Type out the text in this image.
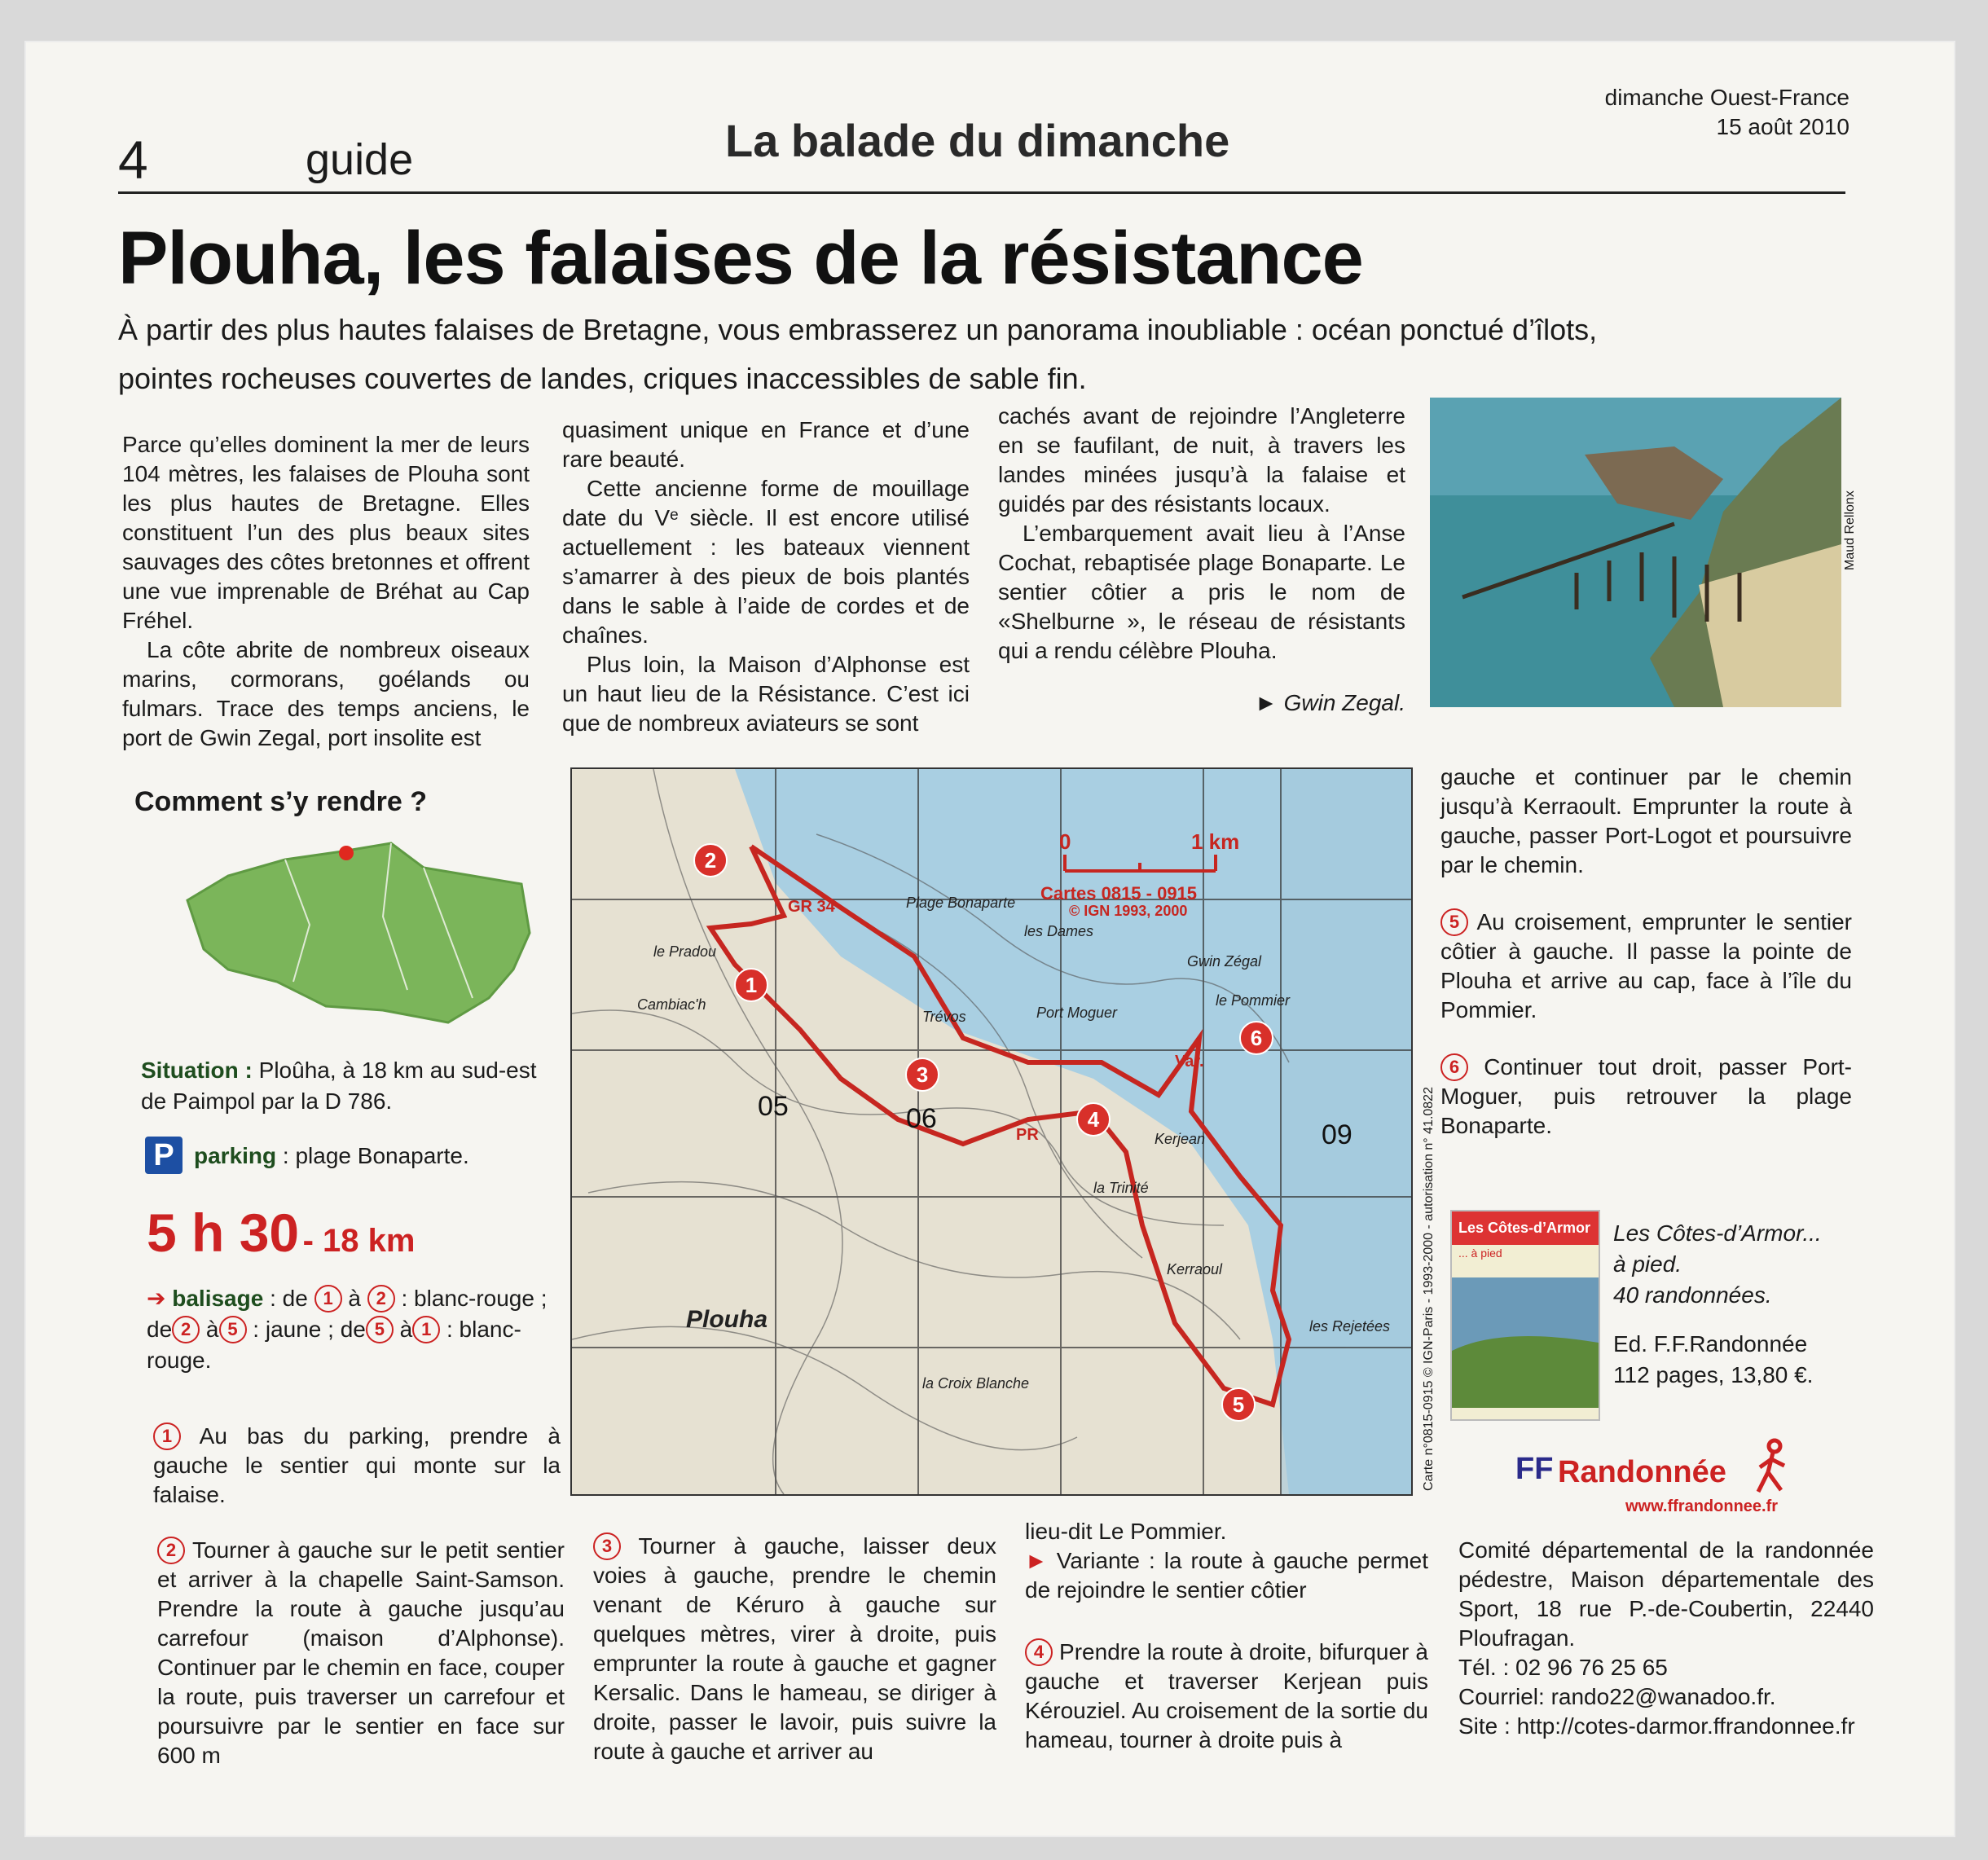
4	guide	La balade du dimanche
dimanche Ouest-France
15 août 2010
Plouha, les falaises de la résistance
À partir des plus hautes falaises de Bretagne, vous embrasserez un panorama inoubliable : océan ponctué d’îlots,
pointes rocheuses couvertes de landes, criques inaccessibles de sable fin.

Parce qu’elles dominent la mer de leurs 104 mètres, les falaises de Plouha sont les plus hautes de Bretagne. Elles constituent l’un des plus beaux sites sauvages des côtes bretonnes et offrent une vue imprenable de Bréhat au Cap Fréhel.

La côte abrite de nombreux oiseaux marins, cormorans, goélands ou fulmars. Trace des temps anciens, le port de Gwin Zegal, port insolite est

quasiment unique en France et d’une rare beauté.

Cette ancienne forme de mouillage date du Vᵉ siècle. Il est encore utilisé actuellement : les bateaux viennent s’amarrer à des pieux de bois plantés dans le sable à l’aide de cordes et de chaînes.

Plus loin, la Maison d’Alphonse est un haut lieu de la Résistance. C’est ici que de nombreux aviateurs se sont

cachés avant de rejoindre l’Angleterre en se faufilant, de nuit, à travers les landes minées jusqu’à la falaise et guidés par des résistants locaux.

L’embarquement avait lieu à l’Anse Cochat, rebaptisée plage Bonaparte. Le sentier côtier a pris le nom de «Shelburne », le réseau de résistants qui a rendu célèbre Plouha.

► Gwin Zegal.

Maud Rellonx
Comment s’y rendre ?
Situation : Ploûha, à 18 km au sud-est de Paimpol par la D 786.
P parking : plage Bonaparte.
5 h 30 - 18 km
➔ balisage : de 1 à 2 : blanc-rouge ; de 2 à 5 : jaune ; de 5 à 1 : blanc-rouge.

1 Au bas du parking, prendre à gauche le sentier qui monte sur la falaise.

2 Tourner à gauche sur le petit sentier et arriver à la chapelle Saint-Samson. Prendre la route à gauche jusqu’au carrefour (maison d’Alphonse). Continuer par le chemin en face, couper la route, puis traverser un carrefour et poursuivre par le sentier en face sur 600 m

3 Tourner à gauche, laisser deux voies à gauche, prendre le chemin venant de Kéruro à gauche sur quelques mètres, virer à droite, puis emprunter la route à gauche et gagner Kersalic. Dans le hameau, se diriger à droite, passer le lavoir, puis suivre la route à gauche et arriver au

lieu-dit Le Pommier.

► Variante : la route à gauche permet de rejoindre le sentier côtier

4 Prendre la route à droite, bifurquer à gauche et traverser Kerjean puis Kérouziel. Au croisement de la sortie du hameau, tourner à droite puis à

gauche et continuer par le chemin jusqu’à Kerraoult. Emprunter la route à gauche, passer Port-Logot et poursuivre par le chemin.

5 Au croisement, emprunter le sentier côtier à gauche. Il passe la pointe de Plouha et arrive au cap, face à l’île du Pommier.

6 Continuer tout droit, passer Port-Moguer, puis retrouver la plage Bonaparte.

1
2
3
4
5
6
0	1 km
Cartes 0815 - 0915
© IGN 1993, 2000
PR
GR 34
Var.
Plouha
Gwin Zégal
Plage Bonaparte
les Dames
le Pommier
les Rejetées
Kerjean
le Pradou
Cambiac'h
Trévos	Port Moguer
Kerraoul
la Trinité
la Croix Blanche
05	06
09	Carte n°0815-0915 © IGN-Paris - 1993-2000 - autorisation n° 41.0822	Les Côtes-d’Armor
... à pied
Les Côtes-d’Armor...
à pied.
40 randonnées.
Ed. F.F.Randonnée
112 pages, 13,80 €.
FF Randonnée
www.ffrandonnee.fr
Comité départemental de la randonnée pédestre, Maison départementale des Sport, 18 rue P.-de-Coubertin, 22440 Ploufragan.
Tél. : 02 96 76 25 65
Courriel: rando22@wanadoo.fr.
Site : http://cotes-darmor.ffrandonnee.fr
